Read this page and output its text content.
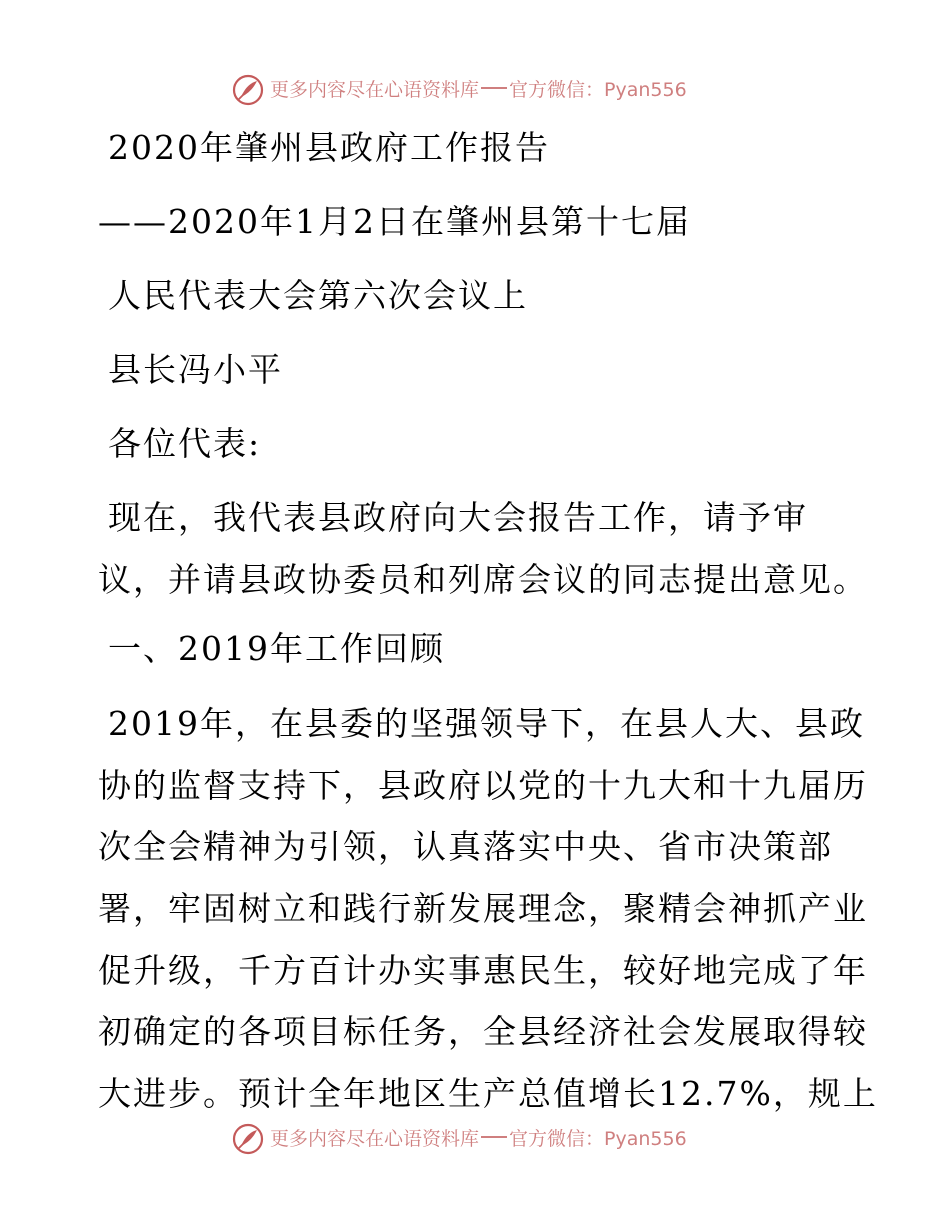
更多内容尽在心语资料库 官方微信：Pyan556
2020年肇州县政府工作报告
——2020年1月2日在肇州县第十七届
人民代表大会第六次会议上
县长冯小平
各位代表:
现在，我代表县政府向大会报告工作，请予审
议，并请县政协委员和列席会议的同志提出意见。
一、2019年工作回顾
2019年，在县委的坚强领导下，在县人大、县政
协的监督支持下，县政府以党的十九大和十九届历
次全会精神为引领，认真落实中央、省市决策部
署，牢固树立和践行新发展理念，聚精会神抓产业
促升级，千方百计办实事惠民生，较好地完成了年
初确定的各项目标任务，全县经济社会发展取得较
大进步。预计全年地区生产总值增长12.7%，规上
更多内容尽在心语资料库 官方微信：Pyan556
